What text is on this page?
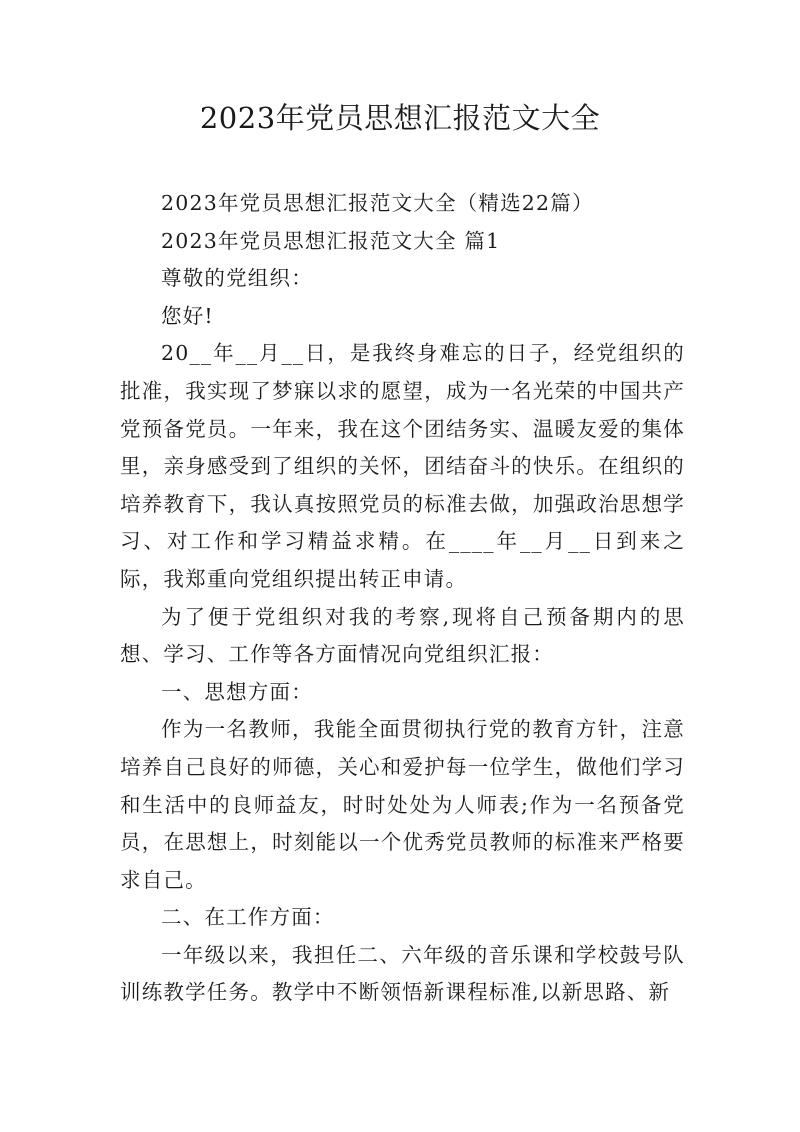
2023年党员思想汇报范文大全

2023年党员思想汇报范文大全（精选22篇）

2023年党员思想汇报范文大全 篇1

尊敬的党组织：

您好!

20__年__月__日，是我终身难忘的日子，经党组织的批准，我实现了梦寐以求的愿望，成为一名光荣的中国共产党预备党员。一年来，我在这个团结务实、温暖友爱的集体里，亲身感受到了组织的关怀，团结奋斗的快乐。在组织的培养教育下，我认真按照党员的标准去做，加强政治思想学习、对工作和学习精益求精。在____年__月__日到来之际，我郑重向党组织提出转正申请。

为了便于党组织对我的考察,现将自己预备期内的思想、学习、工作等各方面情况向党组织汇报：

一、思想方面：

作为一名教师，我能全面贯彻执行党的教育方针，注意培养自己良好的师德，关心和爱护每一位学生，做他们学习和生活中的良师益友，时时处处为人师表;作为一名预备党员，在思想上，时刻能以一个优秀党员教师的标准来严格要求自己。

二、在工作方面：

一年级以来，我担任二、六年级的音乐课和学校鼓号队训练教学任务。教学中不断领悟新课程标准,以新思路、新
